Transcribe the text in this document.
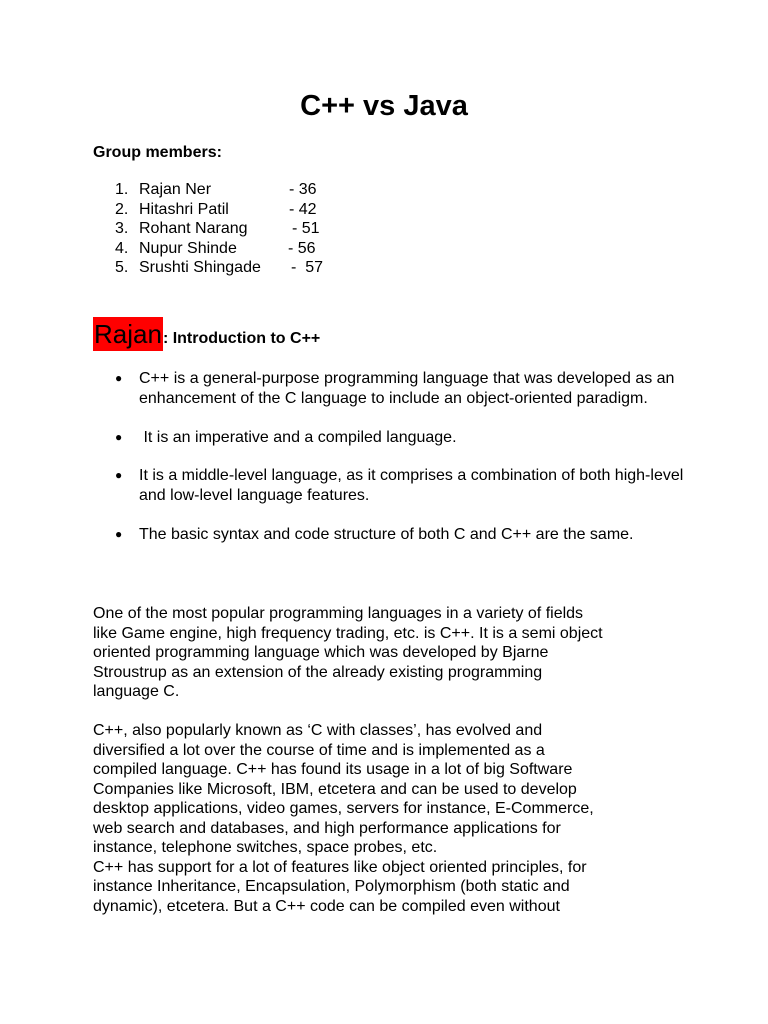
C++ vs Java
Group members:
1. Rajan Ner	- 36
2. Hitashri Patil	- 42
3. Rohant Narang	- 51
4. Nupur Shinde	- 56
5. Srushti Shingade -  57
Rajan: Introduction to C++
● C++ is a general-purpose programming language that was developed as an enhancement of the C language to include an object-oriented paradigm.
● It is an imperative and a compiled language.
● It is a middle-level language, as it comprises a combination of both high-level and low-level language features.
● The basic syntax and code structure of both C and C++ are the same.

One of the most popular programming languages in a variety of fields
like Game engine, high frequency trading, etc. is C++. It is a semi object
oriented programming language which was developed by Bjarne
Stroustrup as an extension of the already existing programming
language C.

C++, also popularly known as ‘C with classes’, has evolved and
diversified a lot over the course of time and is implemented as a
compiled language. C++ has found its usage in a lot of big Software
Companies like Microsoft, IBM, etcetera and can be used to develop
desktop applications, video games, servers for instance, E-Commerce,
web search and databases, and high performance applications for
instance, telephone switches, space probes, etc.

C++ has support for a lot of features like object oriented principles, for
instance Inheritance, Encapsulation, Polymorphism (both static and
dynamic), etcetera. But a C++ code can be compiled even without
